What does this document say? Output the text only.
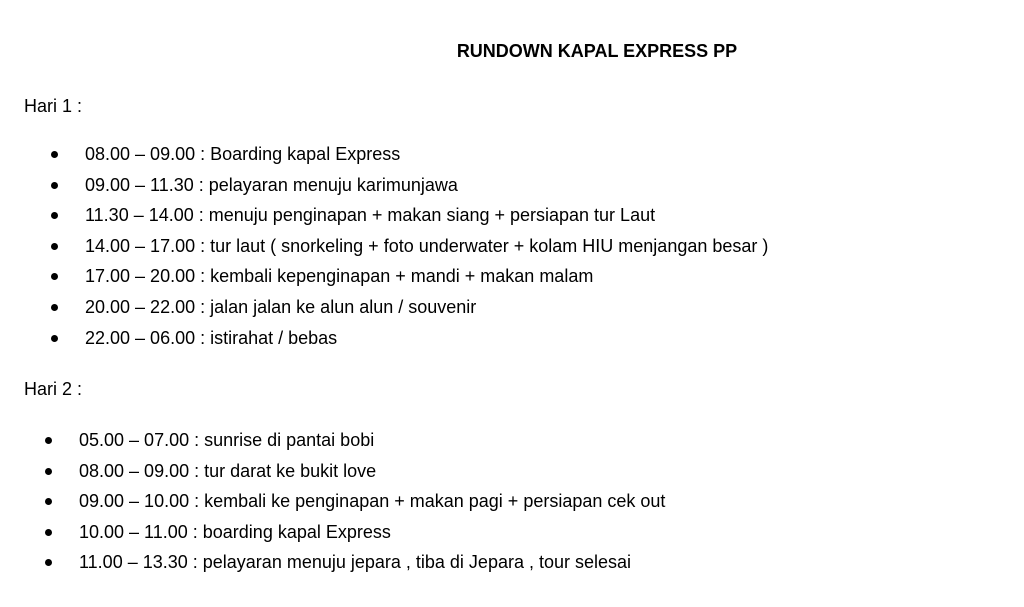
RUNDOWN KAPAL EXPRESS PP
Hari 1 :
08.00 – 09.00 : Boarding kapal Express
09.00 – 11.30 : pelayaran menuju karimunjawa
11.30 – 14.00 : menuju penginapan + makan siang + persiapan tur Laut
14.00 – 17.00 : tur laut ( snorkeling + foto underwater + kolam HIU menjangan besar )
17.00 – 20.00 : kembali kepenginapan + mandi + makan malam
20.00 – 22.00 : jalan jalan ke alun alun / souvenir
22.00 – 06.00 : istirahat / bebas
Hari 2 :
05.00 – 07.00 : sunrise di pantai bobi
08.00 – 09.00 : tur darat ke bukit love
09.00 – 10.00 : kembali ke penginapan + makan pagi + persiapan cek out
10.00 – 11.00 : boarding kapal Express
11.00 – 13.30 : pelayaran menuju jepara , tiba di Jepara , tour selesai
